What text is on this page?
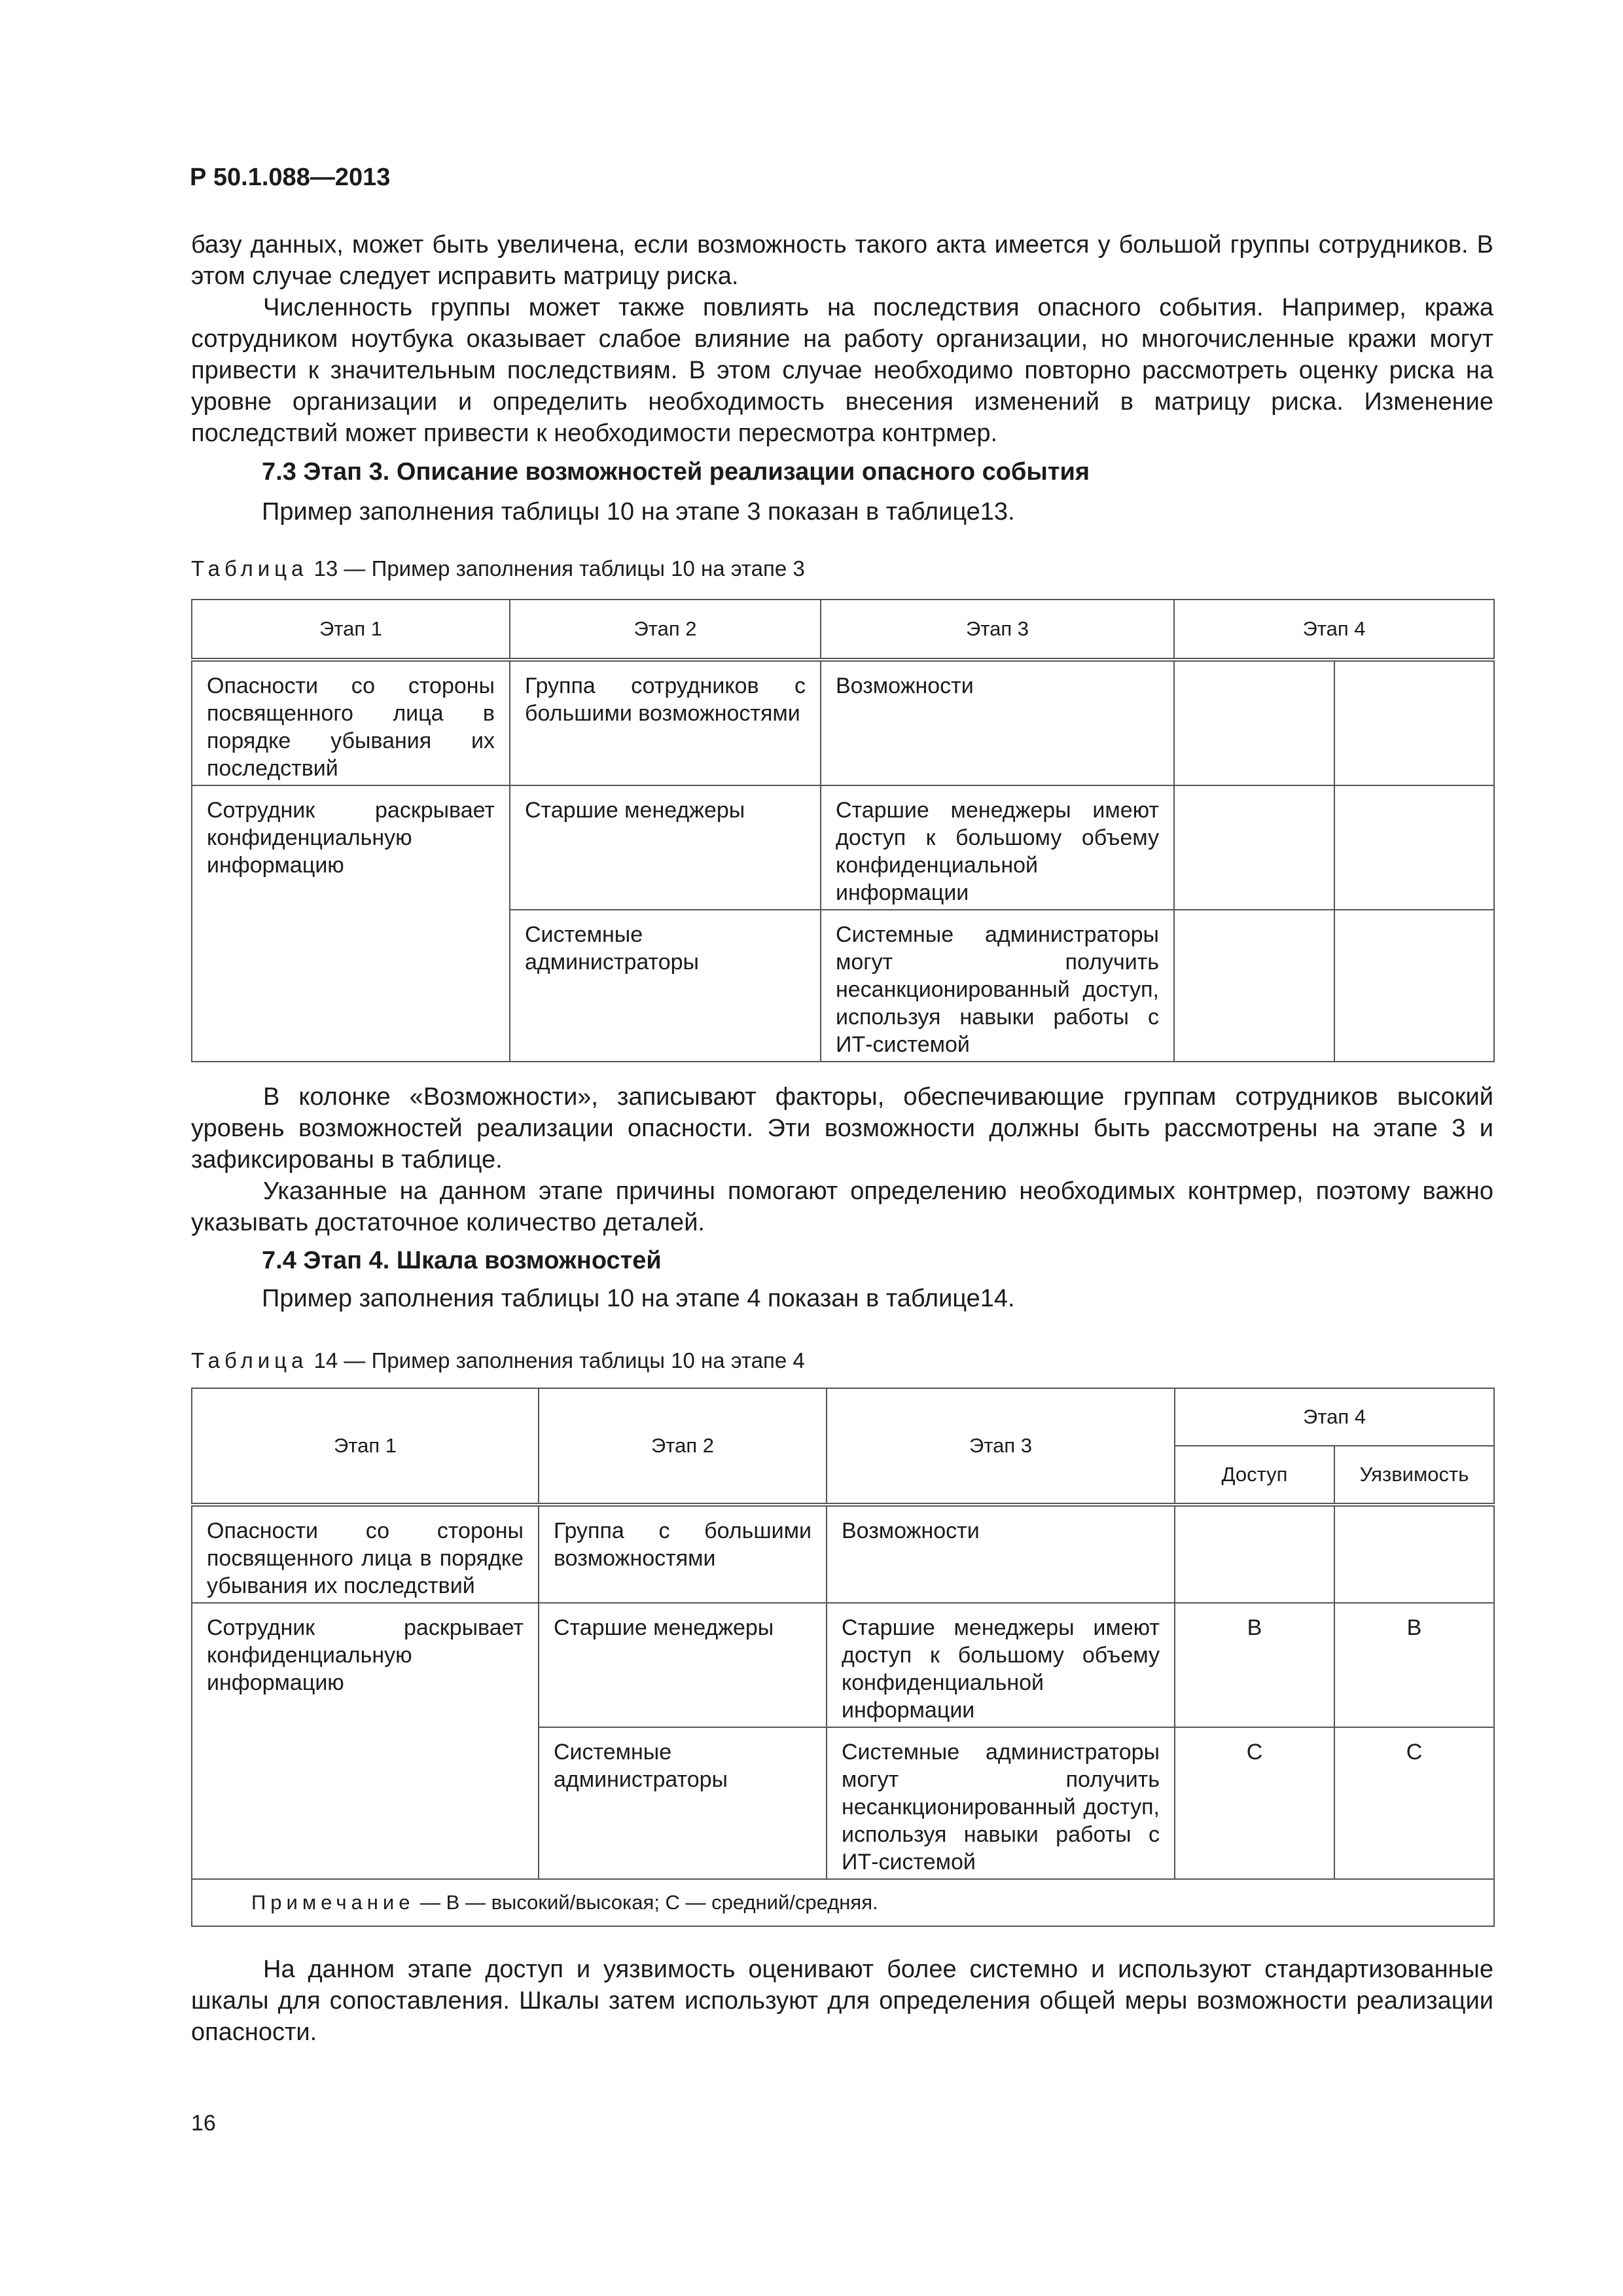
Р 50.1.088—2013

базу данных, может быть увеличена, если возможность такого акта имеется у большой группы сотрудников. В этом случае следует исправить матрицу риска.

Численность группы может также повлиять на последствия опасного события. Например, кража сотрудником ноутбука оказывает слабое влияние на работу организации, но многочисленные кражи могут привести к значительным последствиям. В этом случае необходимо повторно рассмотреть оценку риска на уровне организации и определить необходимость внесения изменений в матрицу риска. Изменение последствий может привести к необходимости пересмотра контрмер.

7.3 Этап 3. Описание возможностей реализации опасного события
Пример заполнения таблицы 10 на этапе 3 показан в таблице13.
Таблица 13 — Пример заполнения таблицы 10 на этапе 3
Этап 1	Этап 2	Этап 3	Этап 4	
Опасности со стороны посвященного лица в порядке убывания их последствий	Группа сотрудников с большими возможностями	Возможности		
Сотрудник раскрывает конфиденциальную информацию	Старшие менеджеры	Старшие менеджеры имеют доступ к большому объему конфиденциальной информации		
	Системные администраторы	Системные администраторы могут получить несанкционированный доступ, используя навыки работы с ИТ-системой		

В колонке «Возможности», записывают факторы, обеспечивающие группам сотрудников высокий уровень возможностей реализации опасности. Эти возможности должны быть рассмотрены на этапе 3 и зафиксированы в таблице.

Указанные на данном этапе причины помогают определению необходимых контрмер, поэтому важно указывать достаточное количество деталей.

7.4 Этап 4. Шкала возможностей
Пример заполнения таблицы 10 на этапе 4 показан в таблице14.
Таблица 14 — Пример заполнения таблицы 10 на этапе 4
Этап 1	Этап 2	Этап 3	Этап 4	
			Доступ	Уязвимость
Опасности со стороны посвященного лица в порядке убывания их последствий	Группа с большими возможностями	Возможности		
Сотрудник раскрывает конфиденциальную информацию	Старшие менеджеры	Старшие менеджеры имеют доступ к большому объему конфиденциальной информации	В	В
	Системные администраторы	Системные администраторы могут получить несанкционированный доступ, используя навыки работы с ИТ-системой	С	С
Примечание — В — высокий/высокая; С — средний/средняя.				

На данном этапе доступ и уязвимость оценивают более системно и используют стандартизованные шкалы для сопоставления. Шкалы затем используют для определения общей меры возможности реализации опасности.

16
